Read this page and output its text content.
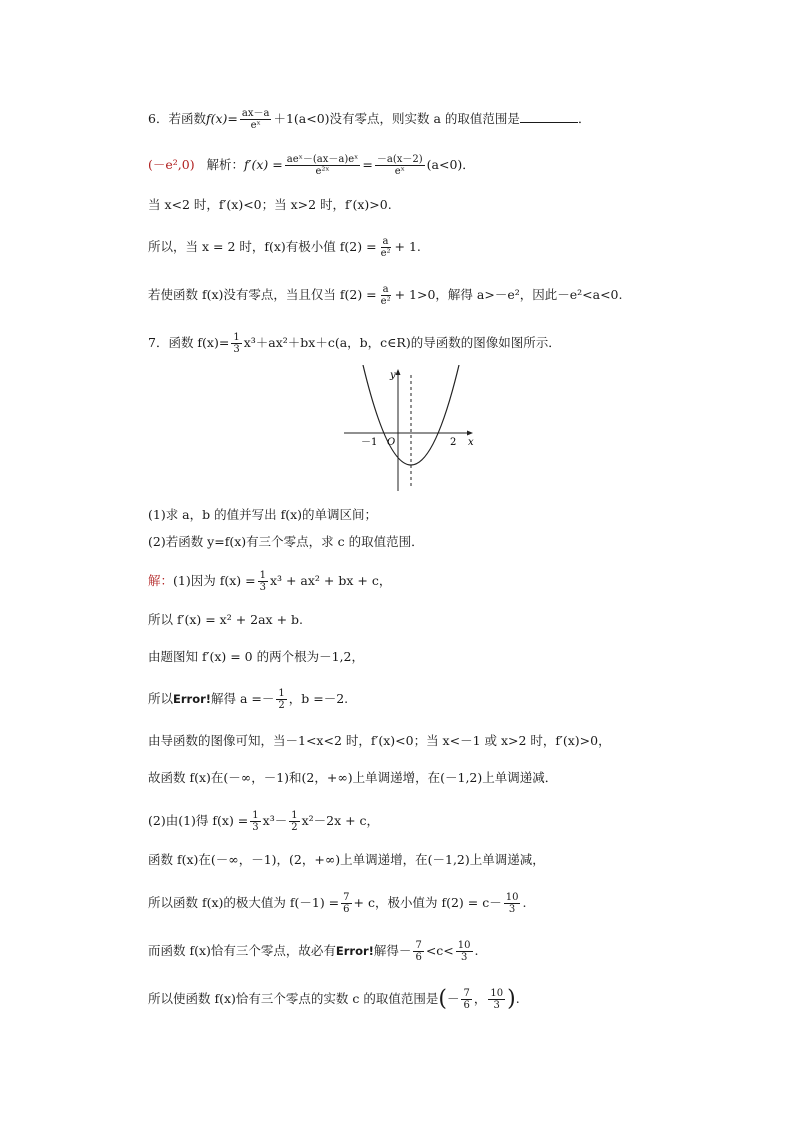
6．若函数$f(x)= \frac{ax-a}{\text{eˣ}} +1(a<0)$没有零点，则实数 a 的取值范围是	．
(－e²,0) 解析：$f'(x) = \frac{\text{aeˣ－(ax－a)eˣ}}{\text{e²ˣ}} = \frac{-a(x-2)}{\text{eˣ}} (a<0)$．
当 x<2 时，f′(x)<0；当 x>2 时，f′(x)>0.
所以，当 x = 2 时，f(x)有极小值 $f(2) = \frac{a}{\text{e²}} + 1$.
若使函数 f(x)没有零点，当且仅当 $f(2) = \frac{a}{\text{e²}} + 1>0$，解得 a>－e²，因此－e²<a<0.
7．函数 $f(x)= \frac{1}{3} x^3+ax^2+bx+c(a$，b，c∈R)的导函数的图像如图所示．
y
x
O
－1	2
(1)求 a，b 的值并写出 f(x)的单调区间；
(2)若函数 y=f(x)有三个零点，求 c 的取值范围．
解：(1)因为 $f(x) = \frac{1}{3} x^3 + ax^2$ + bx + c，
所以 f′(x) = x² + 2ax + b.
由题图知 f′(x) = 0 的两个根为－1,2，
所以Error!解得 $a =- \frac{1}{2}$ ，b =－2.
由导函数的图像可知，当－1<x<2 时，f′(x)<0；当 x<－1 或 x>2 时，f′(x)>0，
故函数 f(x)在(－∞，－1)和(2，+∞)上单调递增，在(－1,2)上单调递减．
(2)由(1)得 $f(x) = \frac{1}{3} x^3- \frac{1}{2} x^2-2x + c$，
函数 f(x)在(－∞，－1)，(2，+∞)上单调递增，在(－1,2)上单调递减，
所以函数 f(x)的极大值为 $f(-1) = \frac{7}{6} + c$，极小值为 $f(2) = c- \frac{10}{3}$ .
而函数 f(x)恰有三个零点，故必有Error!解得－ $\frac{7}{6} <c< \frac{10}{3}$ .
所以使函数 f(x)恰有三个零点的实数 c 的取值范围是(－ $\frac{7}{6}$ ， $\frac{10}{3}$ ).
